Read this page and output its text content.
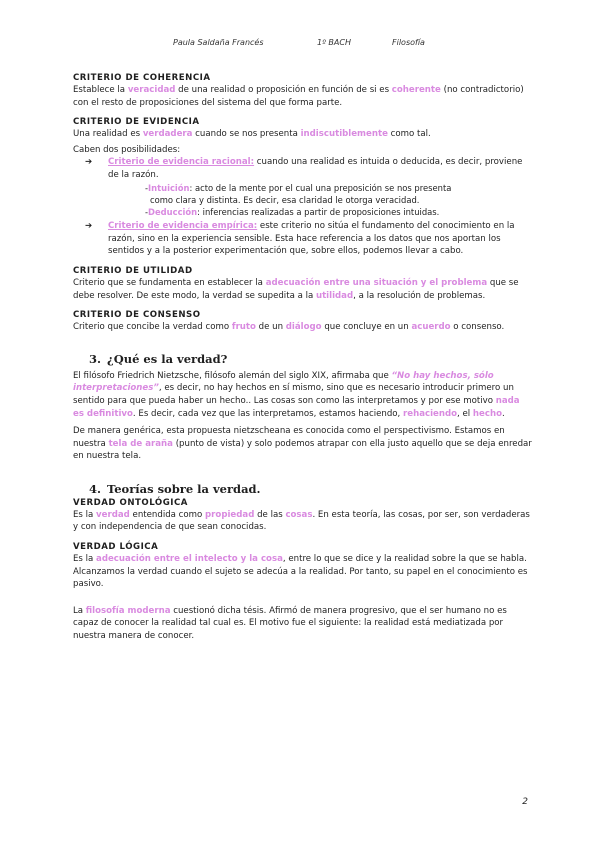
Paula Saldaña Francés	1º BACH	Filosofía

CRITERIO DE COHERENCIA

Establece la veracidad de una realidad o proposición en función de si es coherente (no contradictorio) con el resto de proposiciones del sistema del que forma parte.

CRITERIO DE EVIDENCIA

Una realidad es verdadera cuando se nos presenta indiscutiblemente como tal.

Caben dos posibilidades:

➔ Criterio de evidencia racional: cuando una realidad es intuida o deducida, es decir, proviene de la razón.
-Intuición: acto de la mente por el cual una preposición se nos presenta
como clara y distinta. Es decir, esa claridad le otorga veracidad.
-Deducción: inferencias realizadas a partir de proposiciones intuidas.
➔ Criterio de evidencia empírica: este criterio no sitúa el fundamento del conocimiento en la razón, sino en la experiencia sensible. Esta hace referencia a los datos que nos aportan los sentidos y a la posterior experimentación que, sobre ellos, podemos llevar a cabo.

CRITERIO DE UTILIDAD

Criterio que se fundamenta en establecer la adecuación entre una situación y el problema que se debe resolver. De este modo, la verdad se supedita a la utilidad, a la resolución de problemas.

CRITERIO DE CONSENSO

Criterio que concibe la verdad como fruto de un diálogo que concluye en un acuerdo o consenso.

3. ¿Qué es la verdad?

El filósofo Friedrich Nietzsche, filósofo alemán del siglo XIX, afirmaba que “No hay hechos, sólo interpretaciones”, es decir, no hay hechos en sí mismo, sino que es necesario introducir primero un sentido para que pueda haber un hecho.. Las cosas son como las interpretamos y por ese motivo nada es definitivo. Es decir, cada vez que las interpretamos, estamos haciendo, rehaciendo, el hecho.

De manera genérica, esta propuesta nietzscheana es conocida como el perspectivismo. Estamos en nuestra tela de araña (punto de vista) y solo podemos atrapar con ella justo aquello que se deja enredar en nuestra tela.

4. Teorías sobre la verdad.

VERDAD ONTOLÓGICA

Es la verdad entendida como propiedad de las cosas. En esta teoría, las cosas, por ser, son verdaderas y con independencia de que sean conocidas.

VERDAD LÓGICA

Es la adecuación entre el intelecto y la cosa, entre lo que se dice y la realidad sobre la que se habla. Alcanzamos la verdad cuando el sujeto se adecúa a la realidad. Por tanto, su papel en el conocimiento es pasivo.

La filosofía moderna cuestionó dicha tésis. Afirmó de manera progresivo, que el ser humano no es capaz de conocer la realidad tal cual es. El motivo fue el siguiente: la realidad está mediatizada por nuestra manera de conocer.

2
